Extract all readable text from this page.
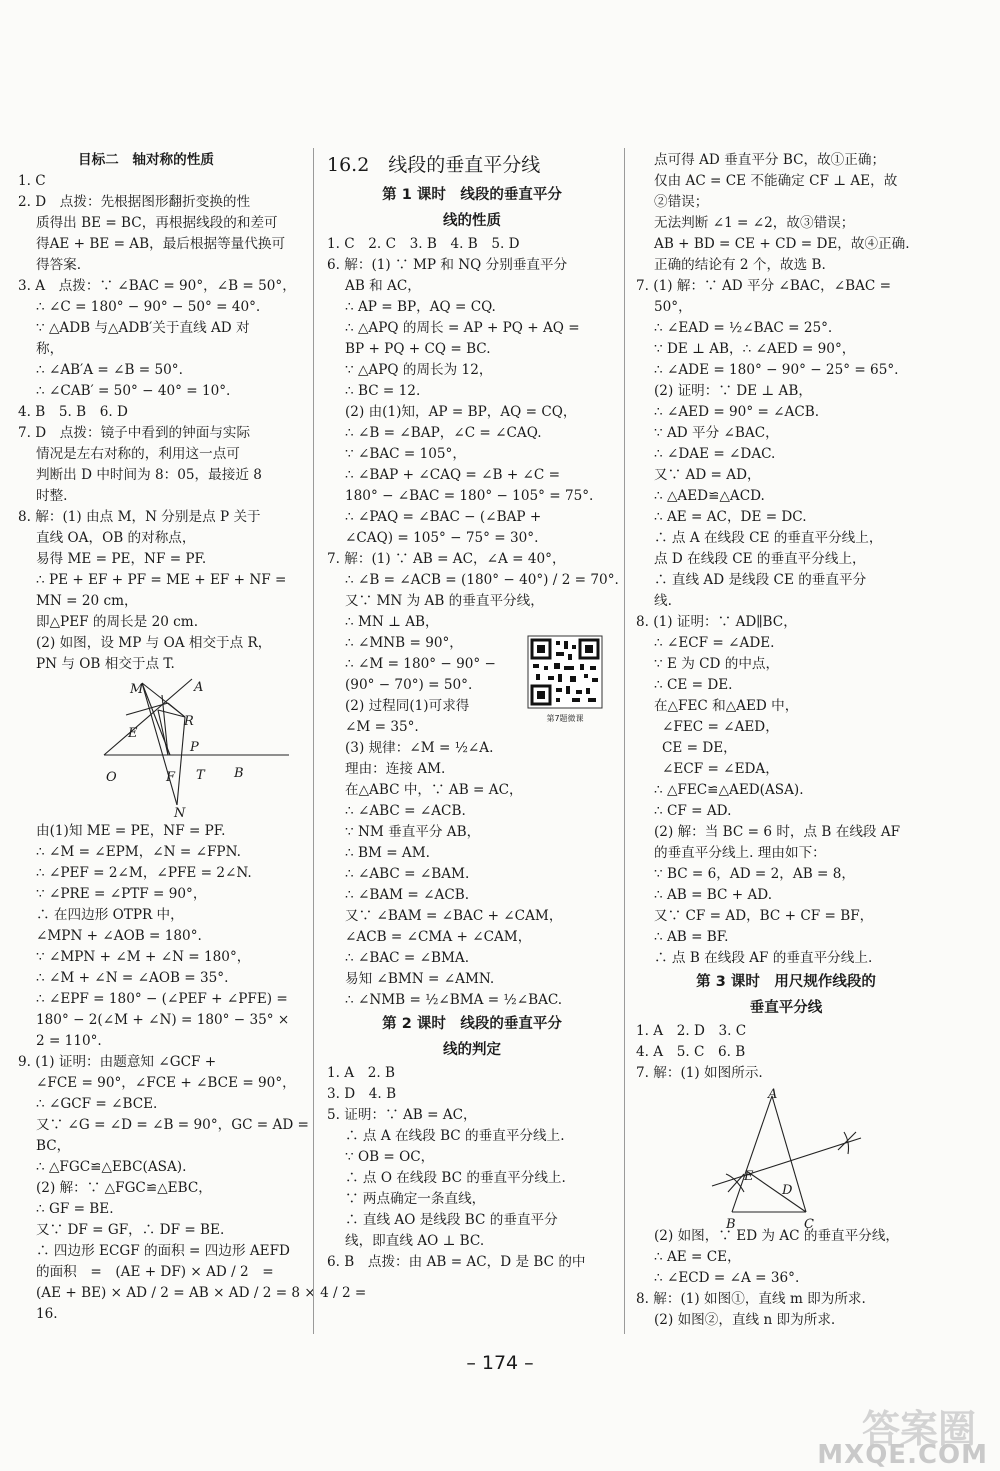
目标二　轴对称的性质
1. C
2. D　点拨：先根据图形翻折变换的性
质得出 BE = BC，再根据线段的和差可
得AE + BE = AB，最后根据等量代换可
得答案.
3. A　点拨：∵ ∠BAC = 90°，∠B = 50°，
∴ ∠C = 180° − 90° − 50° = 40°.
∵ △ADB 与△ADB′关于直线 AD 对
称，
∴ ∠AB′A = ∠B = 50°.
∴ ∠CAB′ = 50° − 40° = 10°.
4. B　5. B　6. D
7. D　点拨：镜子中看到的钟面与实际
情况是左右对称的，利用这一点可
判断出 D 中时间为 8：05，最接近 8
时整.
8. 解：(1) 由点 M，N 分别是点 P 关于
直线 OA，OB 的对称点，
易得 ME = PE，NF = PF.
∴ PE + EF + PF = ME + EF + NF =
MN = 20 cm，
即△PEF 的周长是 20 cm.
(2) 如图，设 MP 与 OA 相交于点 R，
PN 与 OB 相交于点 T.
M	A
R
E
P
O	F T B
N
由(1)知 ME = PE，NF = PF.
∴ ∠M = ∠EPM，∠N = ∠FPN.
∴ ∠PEF = 2∠M，∠PFE = 2∠N.
∵ ∠PRE = ∠PTF = 90°，
∴ 在四边形 OTPR 中，
∠MPN + ∠AOB = 180°.
∵ ∠MPN + ∠M + ∠N = 180°，
∴ ∠M + ∠N = ∠AOB = 35°.
∴ ∠EPF = 180° − (∠PEF + ∠PFE) =
180° − 2(∠M + ∠N) = 180° − 35° ×
2 = 110°.
9. (1) 证明：由题意知 ∠GCF +
∠FCE = 90°，∠FCE + ∠BCE = 90°，
∴ ∠GCF = ∠BCE.
又∵ ∠G = ∠D = ∠B = 90°，GC = AD =
BC，
∴ △FGC≌△EBC(ASA).
(2) 解：∵ △FGC≌△EBC，
∴ GF = BE.
又∵ DF = GF，∴ DF = BE.
∴ 四边形 ECGF 的面积 = 四边形 AEFD
的面积　=　(AE + DF) × AD / 2　=
(AE + BE) × AD / 2 = AB × AD / 2 = 8 × 4 / 2 =
16.
16.2　线段的垂直平分线
第 1 课时　线段的垂直平分
线的性质
1. C　2. C　3. B　4. B　5. D
6. 解：(1) ∵ MP 和 NQ 分别垂直平分
AB 和 AC，
∴ AP = BP，AQ = CQ.
∴ △APQ 的周长 = AP + PQ + AQ =
BP + PQ + CQ = BC.
∵ △APQ 的周长为 12，
∴ BC = 12.
(2) 由(1)知，AP = BP，AQ = CQ，
∴ ∠B = ∠BAP，∠C = ∠CAQ.
∵ ∠BAC = 105°，
∴ ∠BAP + ∠CAQ = ∠B + ∠C =
180° − ∠BAC = 180° − 105° = 75°.
∴ ∠PAQ = ∠BAC − (∠BAP +
∠CAQ) = 105° − 75° = 30°.
7. 解：(1) ∵ AB = AC，∠A = 40°，
∴ ∠B = ∠ACB = (180° − 40°) / 2 = 70°.
又∵ MN 为 AB 的垂直平分线，
∴ MN ⊥ AB，
∴ ∠MNB = 90°，
∴ ∠M = 180° − 90° −
(90° − 70°) = 50°.
(2) 过程同(1)可求得
∠M = 35°.
(3) 规律：∠M = ½∠A.
理由：连接 AM.
在△ABC 中，∵ AB = AC，
∴ ∠ABC = ∠ACB.
∵ NM 垂直平分 AB，
∴ BM = AM.
∴ ∠ABC = ∠BAM.
∴ ∠BAM = ∠ACB.
又∵ ∠BAM = ∠BAC + ∠CAM，
∠ACB = ∠CMA + ∠CAM，
∴ ∠BAC = ∠BMA.
易知 ∠BMN = ∠AMN.
∴ ∠NMB = ½∠BMA = ½∠BAC.
第 2 课时　线段的垂直平分
线的判定
1. A　2. B
3. D　4. B
5. 证明：∵ AB = AC，
∴ 点 A 在线段 BC 的垂直平分线上.
∵ OB = OC，
∴ 点 O 在线段 BC 的垂直平分线上.
∵ 两点确定一条直线，
∴ 直线 AO 是线段 BC 的垂直平分
线，即直线 AO ⊥ BC.
6. B　点拨：由 AB = AC，D 是 BC 的中
点可得 AD 垂直平分 BC，故①正确；
仅由 AC = CE 不能确定 CF ⊥ AE，故
②错误；
无法判断 ∠1 = ∠2，故③错误；
AB + BD = CE + CD = DE，故④正确.
正确的结论有 2 个，故选 B.
7. (1) 解：∵ AD 平分 ∠BAC，∠BAC =
50°，
∴ ∠EAD = ½∠BAC = 25°.
∵ DE ⊥ AB，∴ ∠AED = 90°，
∴ ∠ADE = 180° − 90° − 25° = 65°.
(2) 证明：∵ DE ⊥ AB，
∴ ∠AED = 90° = ∠ACB.
∵ AD 平分 ∠BAC，
∴ ∠DAE = ∠DAC.
又∵ AD = AD，
∴ △AED≌△ACD.
∴ AE = AC，DE = DC.
∴ 点 A 在线段 CE 的垂直平分线上，
点 D 在线段 CE 的垂直平分线上，
∴ 直线 AD 是线段 CE 的垂直平分
线.
8. (1) 证明：∵ AD∥BC，
∴ ∠ECF = ∠ADE.
∵ E 为 CD 的中点，
∴ CE = DE.
在△FEC 和△AED 中，
∠FEC = ∠AED，
CE = DE，
∠ECF = ∠EDA，
∴ △FEC≌△AED(ASA).
∴ CF = AD.
(2) 解：当 BC = 6 时，点 B 在线段 AF
的垂直平分线上. 理由如下：
∵ BC = 6，AD = 2，AB = 8，
∴ AB = BC + AD.
又∵ CF = AD，BC + CF = BF，
∴ AB = BF.
∴ 点 B 在线段 AF 的垂直平分线上.
第 3 课时　用尺规作线段的
垂直平分线
1. A　2. D　3. C
4. A　5. C　6. B
7. 解：(1) 如图所示.
A
E
D
B	C
(2) 如图，∵ ED 为 AC 的垂直平分线，
∴ AE = CE，
∴ ∠ECD = ∠A = 36°.
8. 解：(1) 如图①，直线 m 即为所求.
(2) 如图②，直线 n 即为所求.
第7题微课
– 174 –
答案圈
MXQE.COM
